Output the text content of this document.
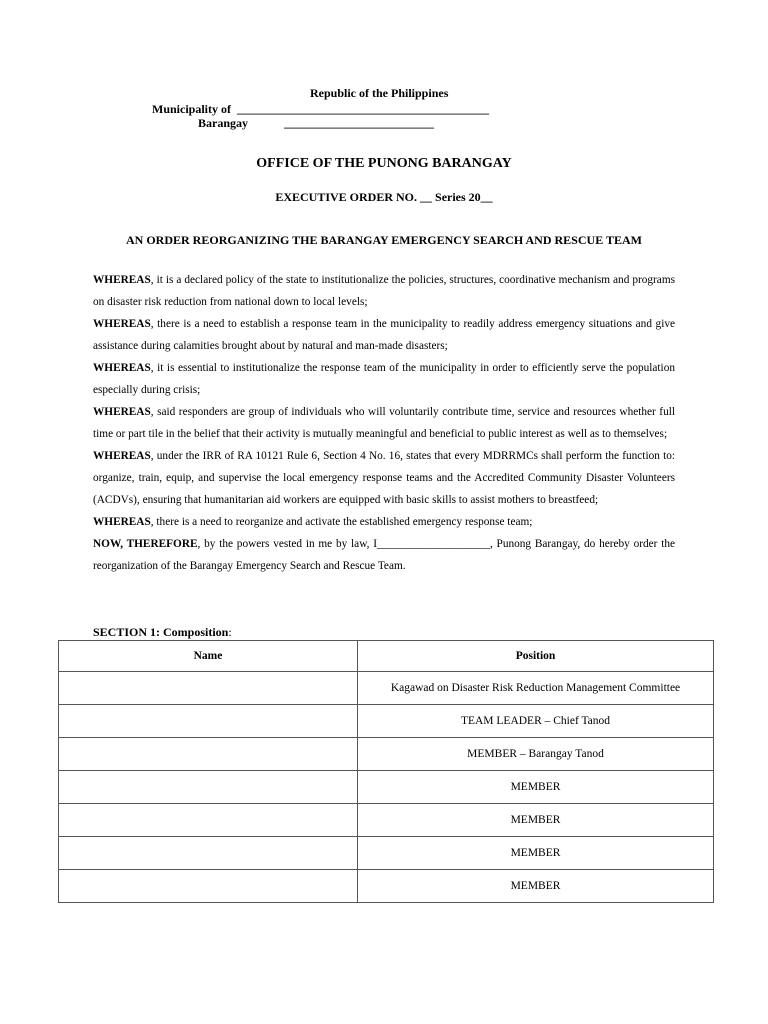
Republic of the Philippines
Municipality of __________________________________________
Barangay	_________________________
OFFICE OF THE PUNONG BARANGAY
EXECUTIVE ORDER NO. __ Series 20__
AN ORDER REORGANIZING THE BARANGAY EMERGENCY SEARCH AND RESCUE TEAM

WHEREAS, it is a declared policy of the state to institutionalize the policies, structures, coordinative mechanism and programs on disaster risk reduction from national down to local levels;

WHEREAS, there is a need to establish a response team in the municipality to readily address emergency situations and give assistance during calamities brought about by natural and man-made disasters;

WHEREAS, it is essential to institutionalize the response team of the municipality in order to efficiently serve the population especially during crisis;

WHEREAS, said responders are group of individuals who will voluntarily contribute time, service and resources whether full time or part tile in the belief that their activity is mutually meaningful and beneficial to public interest as well as to themselves;

WHEREAS, under the IRR of RA 10121 Rule 6, Section 4 No. 16, states that every MDRRMCs shall perform the function to: organize, train, equip, and supervise the local emergency response teams and the Accredited Community Disaster Volunteers (ACDVs), ensuring that humanitarian aid workers are equipped with basic skills to assist mothers to breastfeed;

WHEREAS, there is a need to reorganize and activate the established emergency response team;

NOW, THEREFORE, by the powers vested in me by law, I____________________, Punong Barangay, do hereby order the reorganization of the Barangay Emergency Search and Rescue Team.

SECTION 1: Composition:
Name	Position
	Kagawad on Disaster Risk Reduction Management Committee
	TEAM LEADER – Chief Tanod
	MEMBER – Barangay Tanod
	MEMBER
	MEMBER
	MEMBER
	MEMBER
